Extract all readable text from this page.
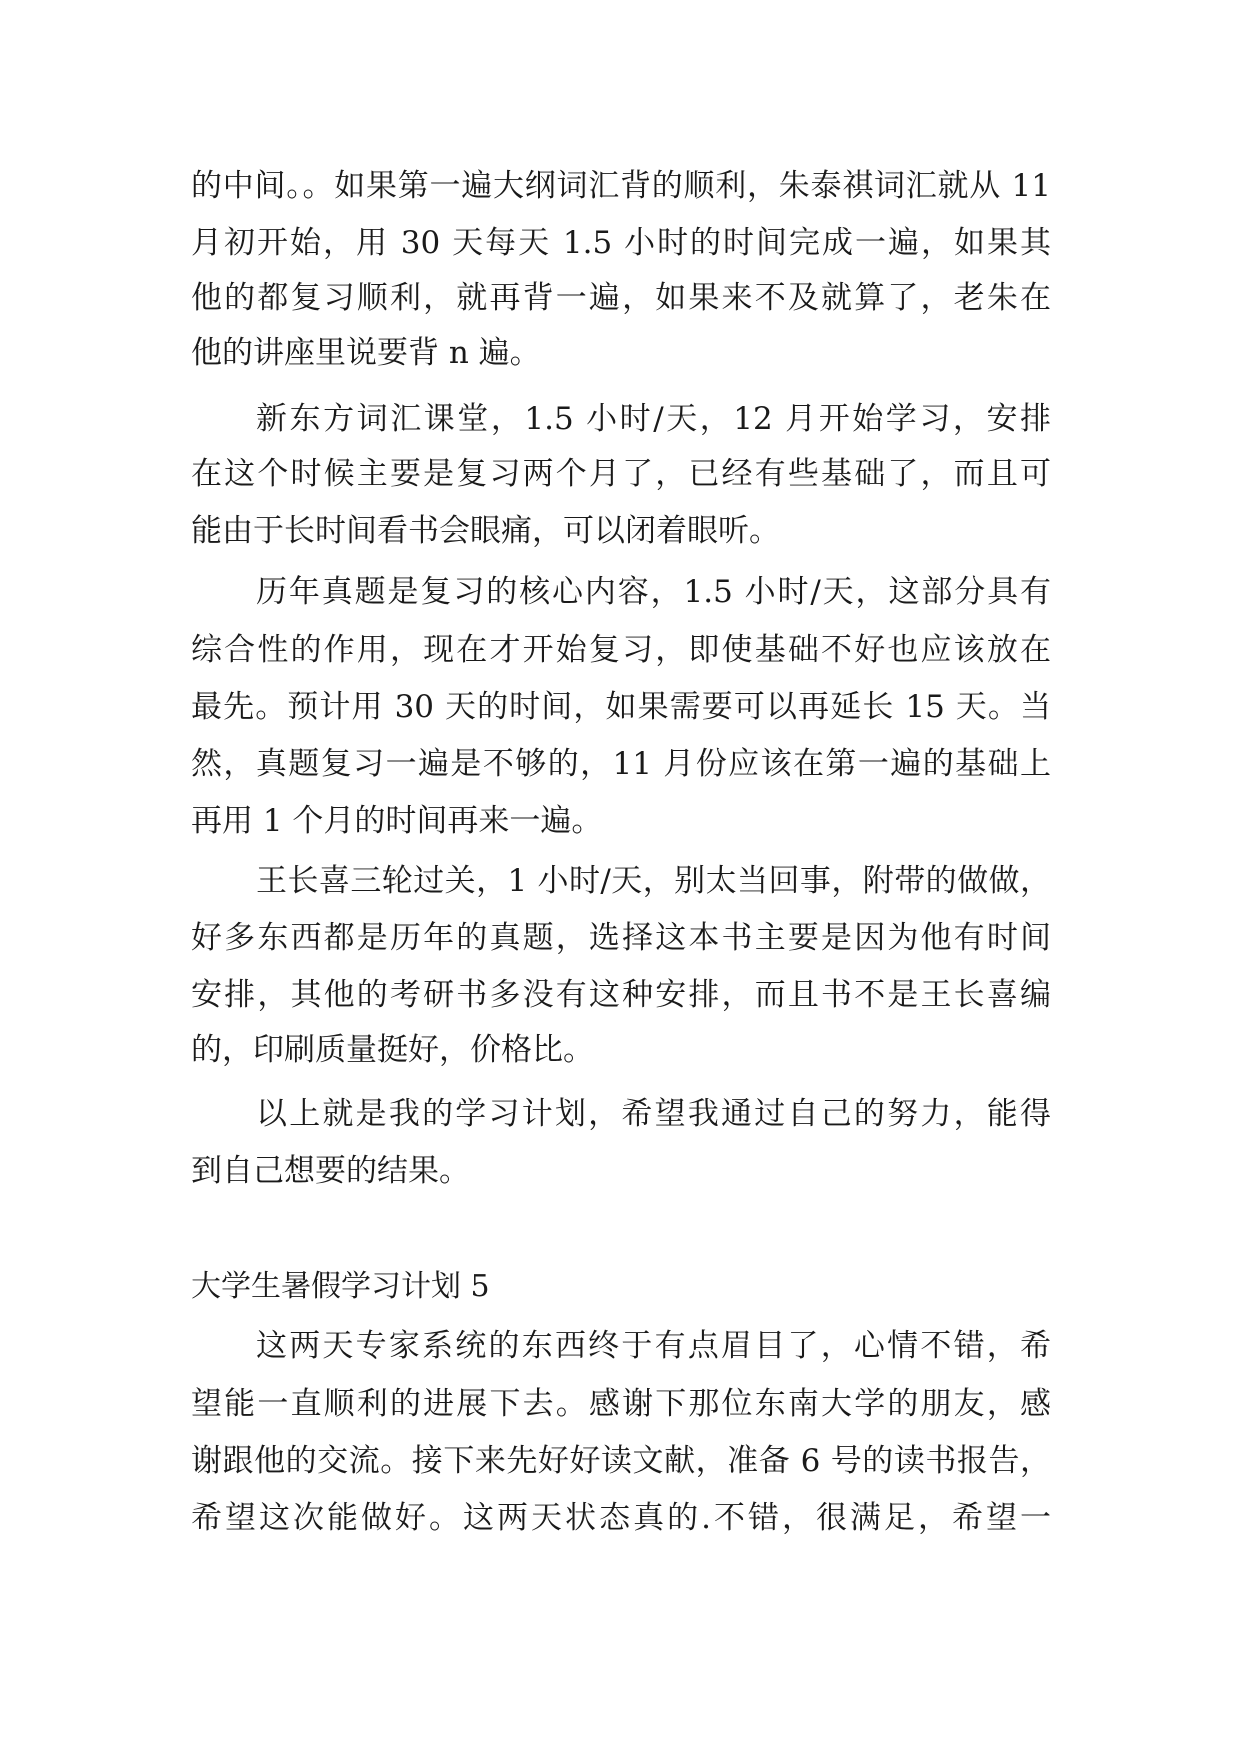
的中间。。如果第一遍大纲词汇背的顺利，朱泰祺词汇就从 11
月初开始，用 30 天每天 1.5 小时的时间完成一遍，如果其
他的都复习顺利，就再背一遍，如果来不及就算了，老朱在
他的讲座里说要背 n 遍。
新东方词汇课堂，1.5 小时/天，12 月开始学习，安排
在这个时候主要是复习两个月了，已经有些基础了，而且可
能由于长时间看书会眼痛，可以闭着眼听。
历年真题是复习的核心内容，1.5 小时/天，这部分具有
综合性的作用，现在才开始复习，即使基础不好也应该放在
最先。预计用 30 天的时间，如果需要可以再延长 15 天。当
然，真题复习一遍是不够的，11 月份应该在第一遍的基础上
再用 1 个月的时间再来一遍。
王长喜三轮过关，1 小时/天，别太当回事，附带的做做，
好多东西都是历年的真题，选择这本书主要是因为他有时间
安排，其他的考研书多没有这种安排，而且书不是王长喜编
的，印刷质量挺好，价格比。
以上就是我的学习计划，希望我通过自己的努力，能得
到自己想要的结果。
大学生暑假学习计划 5
这两天专家系统的东西终于有点眉目了，心情不错，希
望能一直顺利的进展下去。感谢下那位东南大学的朋友，感
谢跟他的交流。接下来先好好读文献，准备 6 号的读书报告，
希望这次能做好。这两天状态真的.不错，很满足，希望一
